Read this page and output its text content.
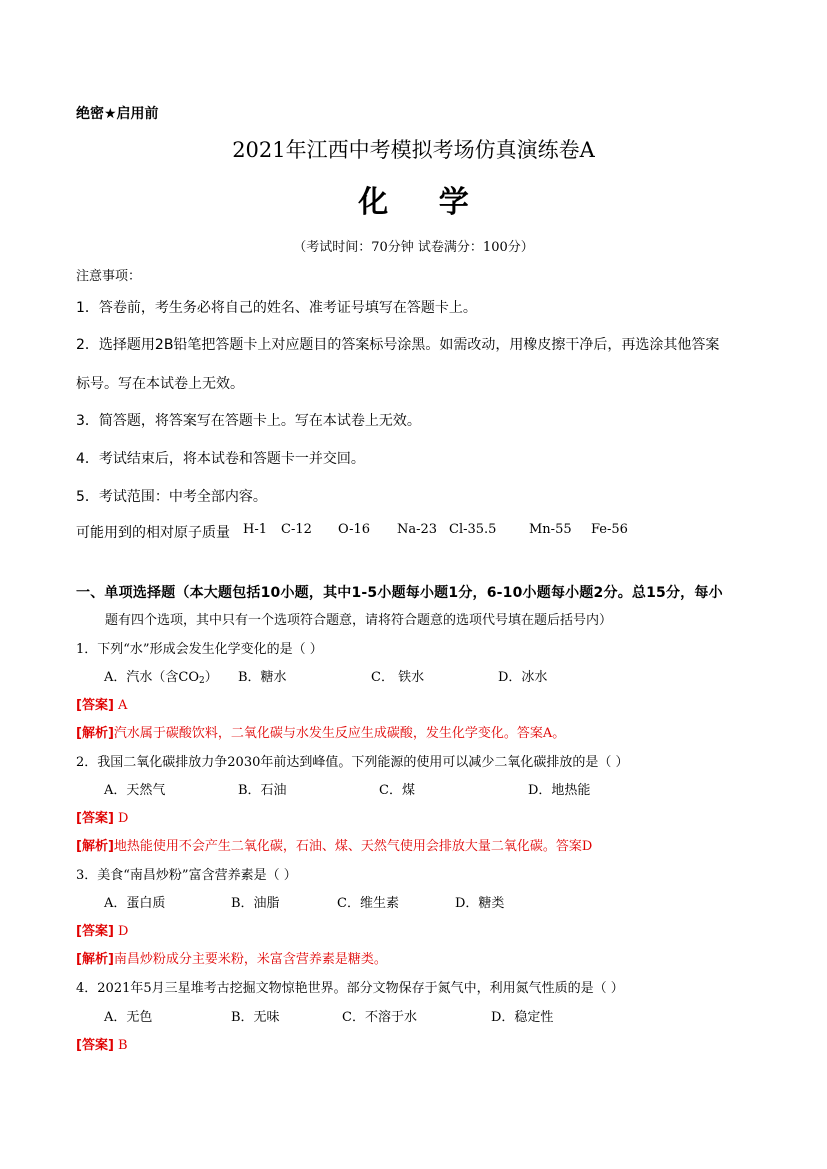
绝密★启用前
2021年江西中考模拟考场仿真演练卷A
化 学
（考试时间：70分钟 试卷满分：100分）
注意事项：
1．答卷前，考生务必将自己的姓名、准考证号填写在答题卡上。
2．选择题用2B铅笔把答题卡上对应题目的答案标号涂黑。如需改动，用橡皮擦干净后，再选涂其他答案
标号。写在本试卷上无效。
3．简答题，将答案写在答题卡上。写在本试卷上无效。
4．考试结束后，将本试卷和答题卡一并交回。
5．考试范围：中考全部内容。
可能用到的相对原子质量 H-1 C-12 O-16 Na-23 Cl-35.5	Mn-55 Fe-56
一、单项选择题（本大题包括10小题，其中1-5小题每小题1分，6-10小题每小题2分。总15分，每小
题有四个选项，其中只有一个选项符合题意，请将符合题意的选项代号填在题后括号内）
1．下列“水”形成会发生化学变化的是（ ）
A．汽水（含$CO_2$） B．糖水	C． 铁水	D．冰水
[答案] A
[解析]汽水属于碳酸饮料，二氧化碳与水发生反应生成碳酸，发生化学变化。答案A。
2．我国二氧化碳排放力争2030年前达到峰值。下列能源的使用可以减少二氧化碳排放的是（ ）
A．天然气	B．石油	C．煤	D．地热能
[答案] D
[解析]地热能使用不会产生二氧化碳，石油、煤、天然气使用会排放大量二氧化碳。答案D
3．美食“南昌炒粉”富含营养素是（ ）
A．蛋白质	B．油脂	C．维生素	D．糖类
[答案] D
[解析]南昌炒粉成分主要米粉，米富含营养素是糖类。
4．2021年5月三星堆考古挖掘文物惊艳世界。部分文物保存于氮气中，利用氮气性质的是（ ）
A．无色	B．无味	C．不溶于水	D．稳定性
[答案] B
